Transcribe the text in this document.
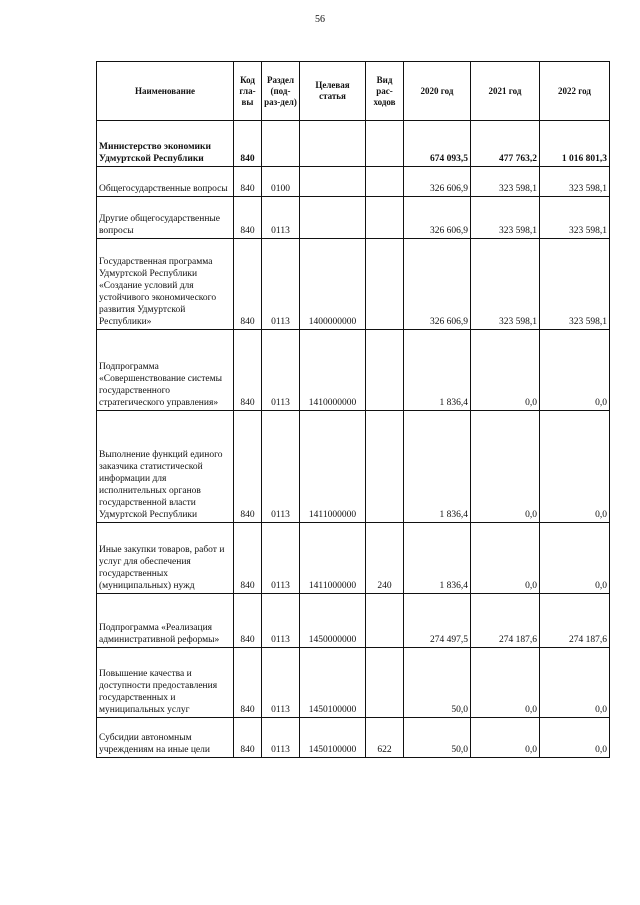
56
Наименование	Код гла-вы	Раздел (под-раз-дел)	Целевая статья	Вид рас-ходов	2020 год	2021 год	2022 год
Министерство экономики Удмуртской Республики	840				674 093,5	477 763,2	1 016 801,3
Общегосударственные вопросы	840	0100			326 606,9	323 598,1	323 598,1
Другие общегосударственные вопросы	840	0113			326 606,9	323 598,1	323 598,1
Государственная программа Удмуртской Республики «Создание условий для устойчивого экономического развития Удмуртской Республики»	840	0113	1400000000		326 606,9	323 598,1	323 598,1
Подпрограмма «Совершенствование системы государственного стратегического управления»	840	0113	1410000000		1 836,4	0,0	0,0
Выполнение функций единого заказчика статистической информации для исполнительных органов государственной власти Удмуртской Республики	840	0113	1411000000		1 836,4	0,0	0,0
Иные закупки товаров, работ и услуг для обеспечения государственных (муниципальных) нужд	840	0113	1411000000	240	1 836,4	0,0	0,0
Подпрограмма «Реализация административной реформы»	840	0113	1450000000		274 497,5	274 187,6	274 187,6
Повышение качества и доступности предоставления государственных и муниципальных услуг	840	0113	1450100000		50,0	0,0	0,0
Субсидии автономным учреждениям на иные цели	840	0113	1450100000	622	50,0	0,0	0,0
